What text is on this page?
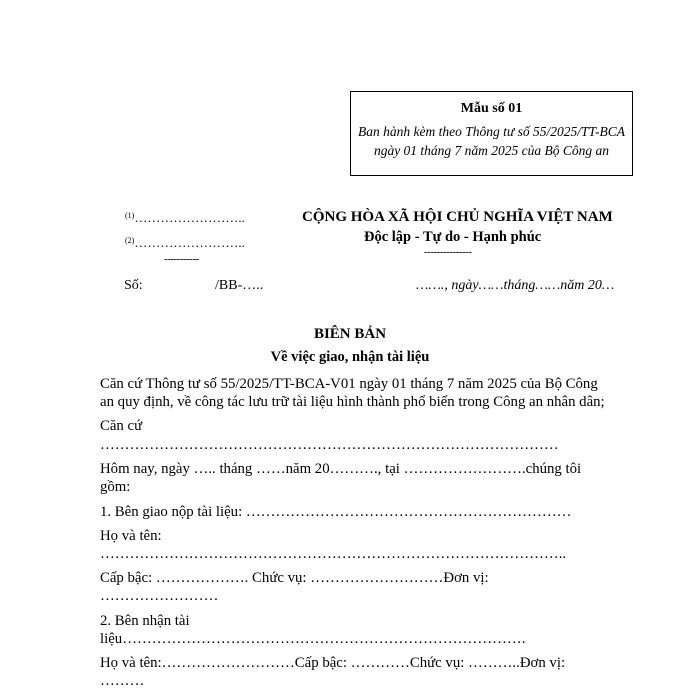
Mẫu số 01
Ban hành kèm theo Thông tư số 55/2025/TT-BCA ngày 01 tháng 7 năm 2025 của Bộ Công an
$^{(1)}$……………………..
$^{(2)}$……………………..
-----------
CỘNG HÒA XÃ HỘI CHỦ NGHĨA VIỆT NAM
Độc lập - Tự do - Hạnh phúc
---------------
Số:	/BB-…..	……., ngày……tháng……năm 20…
BIÊN BẢN
Về việc giao, nhận tài liệu
Căn cứ Thông tư số 55/2025/TT-BCA-V01 ngày 01 tháng 7 năm 2025 của Bộ Công
an quy định, về công tác lưu trữ tài liệu hình thành phổ biến trong Công an nhân dân;
Căn cứ
…………………………………………………………………………………
Hôm nay, ngày ….. tháng ……năm 20………., tại …………………….chúng tôi
gồm:
1. Bên giao nộp tài liệu: …………………………………………………………
Họ và tên:
…………………………………………………………………………………..
Cấp bậc: ………………. Chức vụ: ………………………Đơn vị:
……………………
2. Bên nhận tài
liệu……………………………………………………………………….
Họ và tên:………………………Cấp bậc: …………Chức vụ: ………..Đơn vị:
………
